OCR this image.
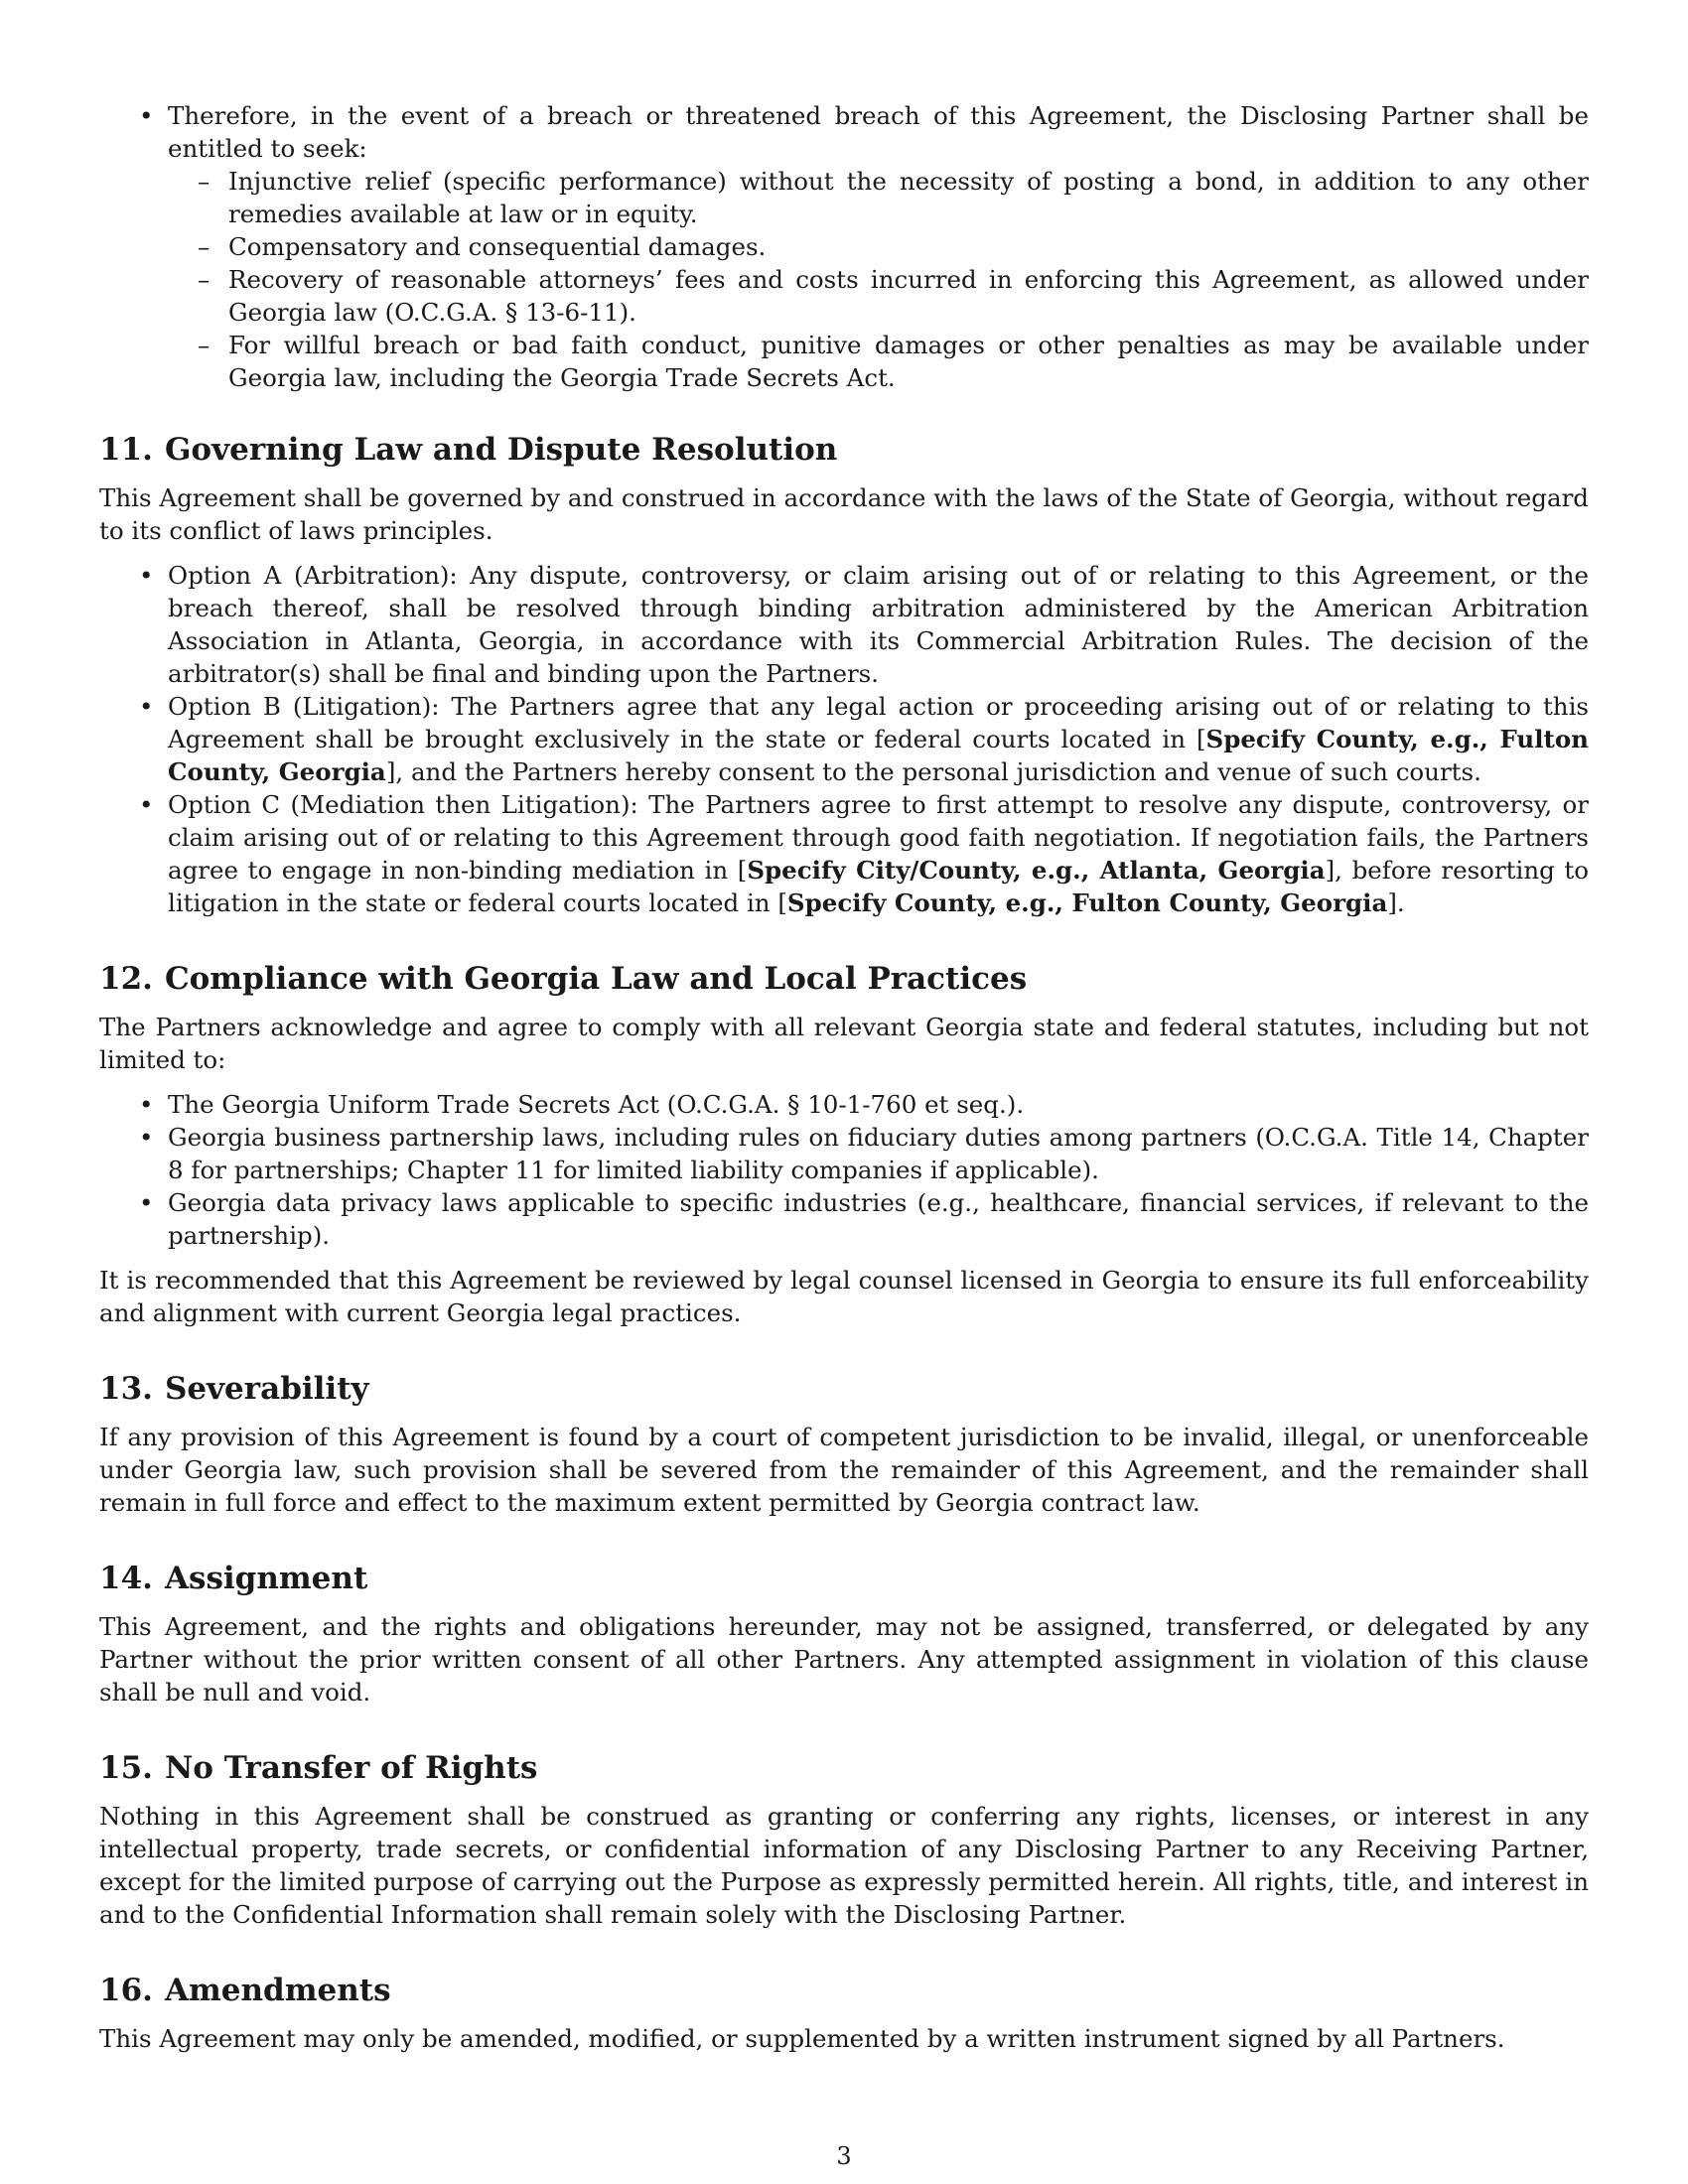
• Therefore, in the event of a breach or threatened breach of this Agreement, the Disclosing Partner shall be entitled to seek:
– Injunctive relief (specific performance) without the necessity of posting a bond, in addition to any other remedies available at law or in equity.
– Compensatory and consequential damages.
– Recovery of reasonable attorneys’ fees and costs incurred in enforcing this Agreement, as allowed under Georgia law (O.C.G.A. § 13-6-11).
– For willful breach or bad faith conduct, punitive damages or other penalties as may be available under Georgia law, including the Georgia Trade Secrets Act.
11. Governing Law and Dispute Resolution

This Agreement shall be governed by and construed in accordance with the laws of the State of Georgia, without regard to its conflict of laws principles.

• Option A (Arbitration): Any dispute, controversy, or claim arising out of or relating to this Agreement, or the breach thereof, shall be resolved through binding arbitration administered by the American Arbitration Association in Atlanta, Georgia, in accordance with its Commercial Arbitration Rules. The decision of the arbitrator(s) shall be final and binding upon the Partners.
• Option B (Litigation): The Partners agree that any legal action or proceeding arising out of or relating to this Agreement shall be brought exclusively in the state or federal courts located in [Specify County, e.g., Fulton County, Georgia], and the Partners hereby consent to the personal jurisdiction and venue of such courts.
• Option C (Mediation then Litigation): The Partners agree to first attempt to resolve any dispute, controversy, or claim arising out of or relating to this Agreement through good faith negotiation. If negotiation fails, the Partners agree to engage in non-binding mediation in [Specify City/County, e.g., Atlanta, Georgia], before resorting to litigation in the state or federal courts located in [Specify County, e.g., Fulton County, Georgia].
12. Compliance with Georgia Law and Local Practices

The Partners acknowledge and agree to comply with all relevant Georgia state and federal statutes, including but not limited to:

• The Georgia Uniform Trade Secrets Act (O.C.G.A. § 10-1-760 et seq.).
• Georgia business partnership laws, including rules on fiduciary duties among partners (O.C.G.A. Title 14, Chapter 8 for partnerships; Chapter 11 for limited liability companies if applicable).
• Georgia data privacy laws applicable to specific industries (e.g., healthcare, financial services, if relevant to the partnership).

It is recommended that this Agreement be reviewed by legal counsel licensed in Georgia to ensure its full enforceability and alignment with current Georgia legal practices.

13. Severability

If any provision of this Agreement is found by a court of competent jurisdiction to be invalid, illegal, or unenforceable under Georgia law, such provision shall be severed from the remainder of this Agreement, and the remainder shall remain in full force and effect to the maximum extent permitted by Georgia contract law.

14. Assignment

This Agreement, and the rights and obligations hereunder, may not be assigned, transferred, or delegated by any Partner without the prior written consent of all other Partners. Any attempted assignment in violation of this clause shall be null and void.

15. No Transfer of Rights

Nothing in this Agreement shall be construed as granting or conferring any rights, licenses, or interest in any intellectual property, trade secrets, or confidential information of any Disclosing Partner to any Receiving Partner, except for the limited purpose of carrying out the Purpose as expressly permitted herein. All rights, title, and interest in and to the Confidential Information shall remain solely with the Disclosing Partner.

16. Amendments

This Agreement may only be amended, modified, or supplemented by a written instrument signed by all Partners.

3
